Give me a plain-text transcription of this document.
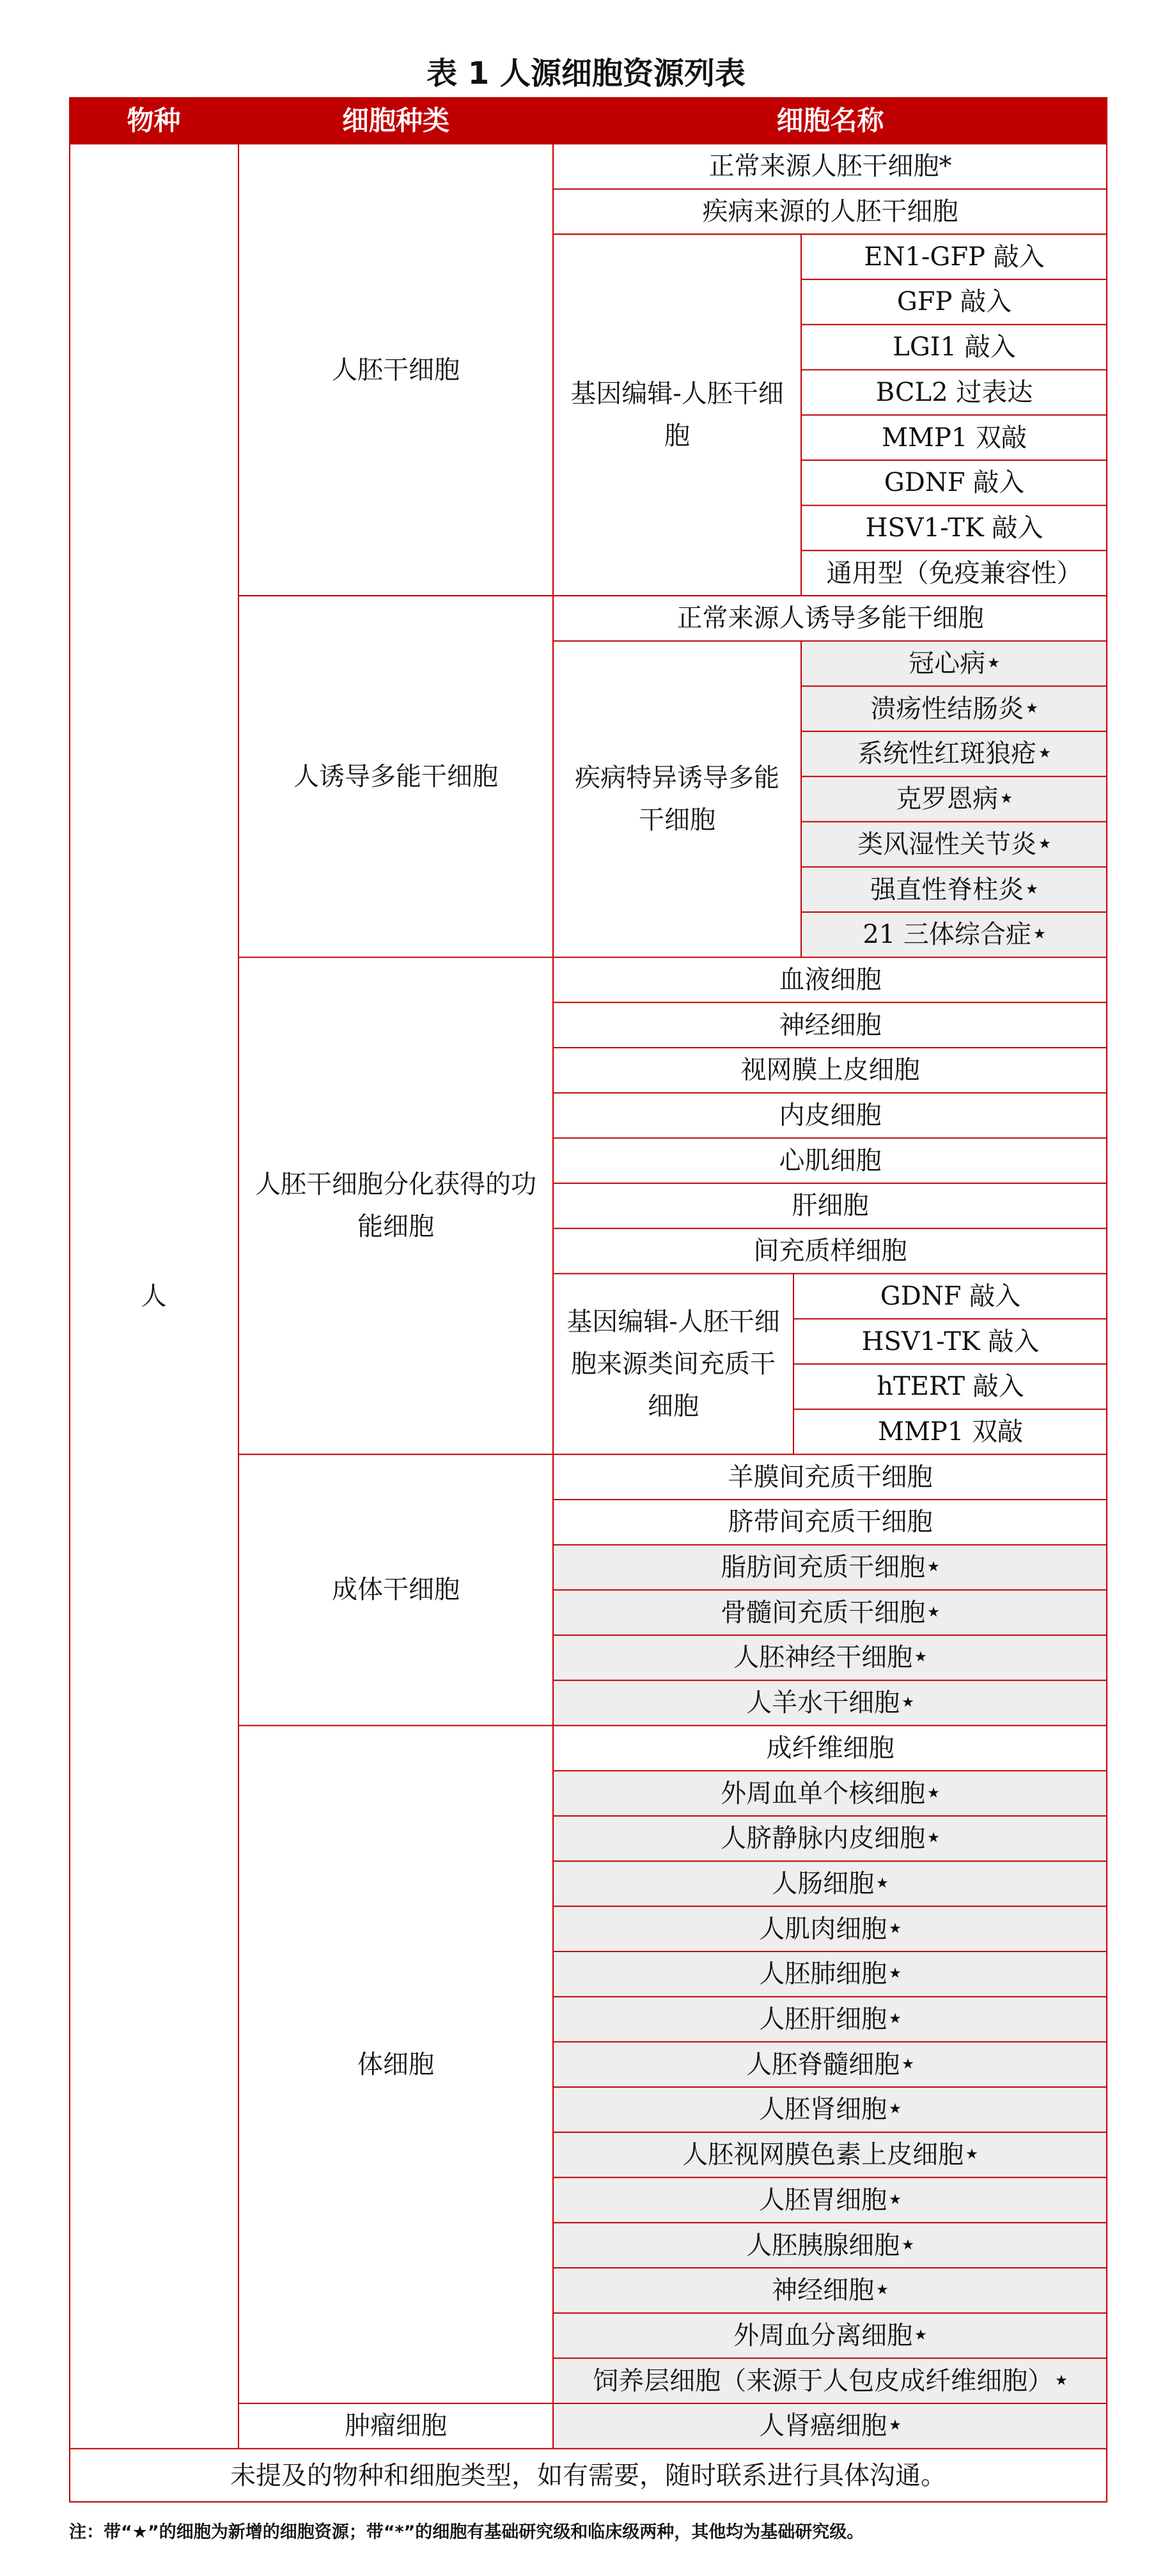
表 1 人源细胞资源列表
物种	细胞种类	细胞名称
正常来源人胚干细胞*
疾病来源的人胚干细胞
EN1-GFP 敲入
GFP 敲入
LGI1 敲入
BCL2 过表达
MMP1 双敲
GDNF 敲入
HSV1-TK 敲入
通用型（免疫兼容性）
基因编辑-人胚干细胞
人胚干细胞
正常来源人诱导多能干细胞
冠心病 ★
溃疡性结肠炎 ★
系统性红斑狼疮 ★
克罗恩病 ★
类风湿性关节炎 ★
强直性脊柱炎 ★
21 三体综合症 ★
疾病特异诱导多能干细胞
人诱导多能干细胞
血液细胞
神经细胞
视网膜上皮细胞
内皮细胞
心肌细胞
肝细胞
间充质样细胞
GDNF 敲入
HSV1-TK 敲入
hTERT 敲入
MMP1 双敲
基因编辑-人胚干细胞来源类间充质干细胞
人胚干细胞分化获得的功能细胞
羊膜间充质干细胞
脐带间充质干细胞
脂肪间充质干细胞 ★
骨髓间充质干细胞 ★
人胚神经干细胞 ★
人羊水干细胞 ★
成体干细胞
成纤维细胞
外周血单个核细胞 ★
人脐静脉内皮细胞 ★
人肠细胞 ★
人肌肉细胞 ★
人胚肺细胞 ★
人胚肝细胞 ★
人胚脊髓细胞 ★
人胚肾细胞 ★
人胚视网膜色素上皮细胞 ★
人胚胃细胞 ★
人胚胰腺细胞 ★
神经细胞 ★
外周血分离细胞 ★
饲养层细胞（来源于人包皮成纤维细胞） ★
体细胞
人肾癌细胞 ★
肿瘤细胞
人
未提及的物种和细胞类型，如有需要，随时联系进行具体沟通。
注：带“★”的细胞为新增的细胞资源；带“*”的细胞有基础研究级和临床级两种，其他均为基础研究级。
